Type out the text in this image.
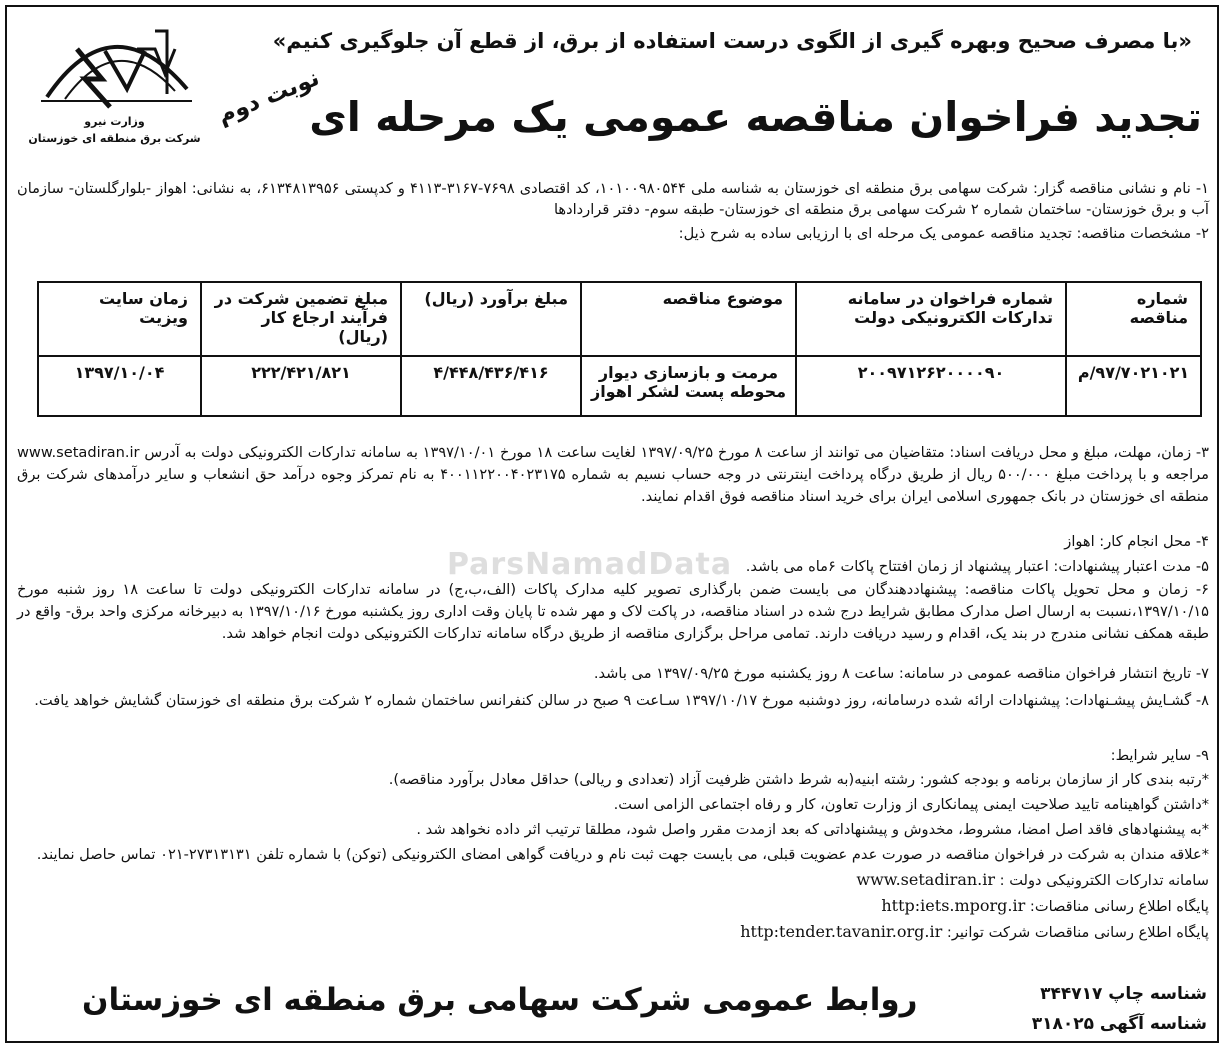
وزارت نیرو
شرکت برق منطقه ای خوزستان
«با مصرف صحیح وبهره گیری از الگوی درست استفاده از برق، از قطع آن جلوگیری کنیم»
تجدید فراخوان مناقصه عمومی یک مرحله ای
نوبت دوم
۱- نام و نشانی مناقصه گزار: شرکت سهامی برق منطقه ای خوزستان به شناسه ملی ۱۰۱۰۰۹۸۰۵۴۴، کد اقتصادی ۷۶۹۸-۳۱۶۷-۴۱۱۳ و کدپستی ۶۱۳۴۸۱۳۹۵۶، به نشانی: اهواز -بلوارگلستان- سازمان آب و برق خوزستان- ساختمان شماره ۲ شرکت سهامی برق منطقه ای خوزستان- طبقه سوم- دفتر قراردادها
۲- مشخصات مناقصه: تجدید مناقصه عمومی یک مرحله ای با ارزیابی ساده به شرح ذیل:
شماره مناقصه	شماره فراخوان در سامانه تدارکات الکترونیکی دولت	موضوع مناقصه	مبلغ برآورد (ریال)	مبلغ تضمین شرکت در فرآیند ارجاع کار (ریال)	زمان سایت ویزیت
۹۷/۷۰۲۱۰۲۱/م	۲۰۰۹۷۱۲۶۲۰۰۰۰۹۰	مرمت و بازسازی دیوار محوطه پست لشکر اهواز	۴/۴۴۸/۴۳۶/۴۱۶	۲۲۲/۴۲۱/۸۲۱	۱۳۹۷/۱۰/۰۴
ParsNamadData
۳- زمان، مهلت، مبلغ و محل دریافت اسناد: متقاضیان می توانند از ساعت ۸ مورخ ۱۳۹۷/۰۹/۲۵ لغایت ساعت ۱۸ مورخ ۱۳۹۷/۱۰/۰۱ به سامانه تدارکات الکترونیکی دولت به آدرس www.setadiran.ir مراجعه و با پرداخت مبلغ ۵۰۰/۰۰۰ ریال از طریق درگاه پرداخت اینترنتی در وجه حساب نسیم به شماره ۴۰۰۱۱۲۲۰۰۴۰۲۳۱۷۵ به نام تمرکز وجوه درآمد حق انشعاب و سایر درآمدهای شرکت برق منطقه ای خوزستان در بانک جمهوری اسلامی ایران برای خرید اسناد مناقصه فوق اقدام نمایند.
۴- محل انجام کار: اهواز
۵- مدت اعتبار پیشنهادات: اعتبار پیشنهاد از زمان افتتاح پاکات ۶ماه می باشد.
۶- زمان و محل تحویل پاکات مناقصه: پیشنهاددهندگان می بایست ضمن بارگذاری تصویر کلیه مدارک پاکات (الف،ب،ج) در سامانه تدارکات الکترونیکی دولت تا ساعت ۱۸ روز شنبه مورخ ۱۳۹۷/۱۰/۱۵،نسبت به ارسال اصل مدارک مطابق شرایط درج شده در اسناد مناقصه، در پاکت لاک و مهر شده تا پایان وقت اداری روز یکشنبه مورخ ۱۳۹۷/۱۰/۱۶ به دبیرخانه مرکزی واحد برق- واقع در طبقه همکف نشانی مندرج در بند یک، اقدام و رسید دریافت دارند. تمامی مراحل برگزاری مناقصه از طریق درگاه سامانه تدارکات الکترونیکی دولت انجام خواهد شد.
۷- تاریخ انتشار فراخوان مناقصه عمومی در سامانه: ساعت ۸ روز یکشنبه مورخ ۱۳۹۷/۰۹/۲۵ می باشد.
۸- گشـایش پیشـنهادات: پیشنهادات ارائه شده درسامانه، روز دوشنبه مورخ ۱۳۹۷/۱۰/۱۷ سـاعت ۹ صبح در سالن کنفرانس ساختمان شماره ۲ شرکت برق منطقه ای خوزستان گشایش خواهد یافت.
۹- سایر شرایط:
*رتبه بندی کار از سازمان برنامه و بودجه کشور: رشته ابنیه(به شرط داشتن ظرفیت آزاد (تعدادی و ریالی) حداقل معادل برآورد مناقصه).
*داشتن گواهینامه تایید صلاحیت ایمنی پیمانکاری از وزارت تعاون، کار و رفاه اجتماعی الزامی است.
*به پیشنهادهای فاقد اصل امضا، مشروط، مخدوش و پیشنهاداتی که بعد ازمدت مقرر واصل شود، مطلقا ترتیب اثر داده نخواهد شد .
*علاقه مندان به شرکت در فراخوان مناقصه در صورت عدم عضویت قبلی، می بایست جهت ثبت نام و دریافت گواهی امضای الکترونیکی (توکن) با شماره تلفن ۲۷۳۱۳۱۳۱-۰۲۱ تماس حاصل نمایند.
سامانه تدارکات الکترونیکی دولت : www.setadiran.ir
پایگاه اطلاع رسانی مناقصات: http:iets.mporg.ir
پایگاه اطلاع رسانی مناقصات شرکت توانیر: http:tender.tavanir.org.ir
شناسه چاپ ۳۴۴۷۱۷
شناسه آگهی ۳۱۸۰۲۵
روابط عمومی شرکت سهامی برق منطقه ای خوزستان
